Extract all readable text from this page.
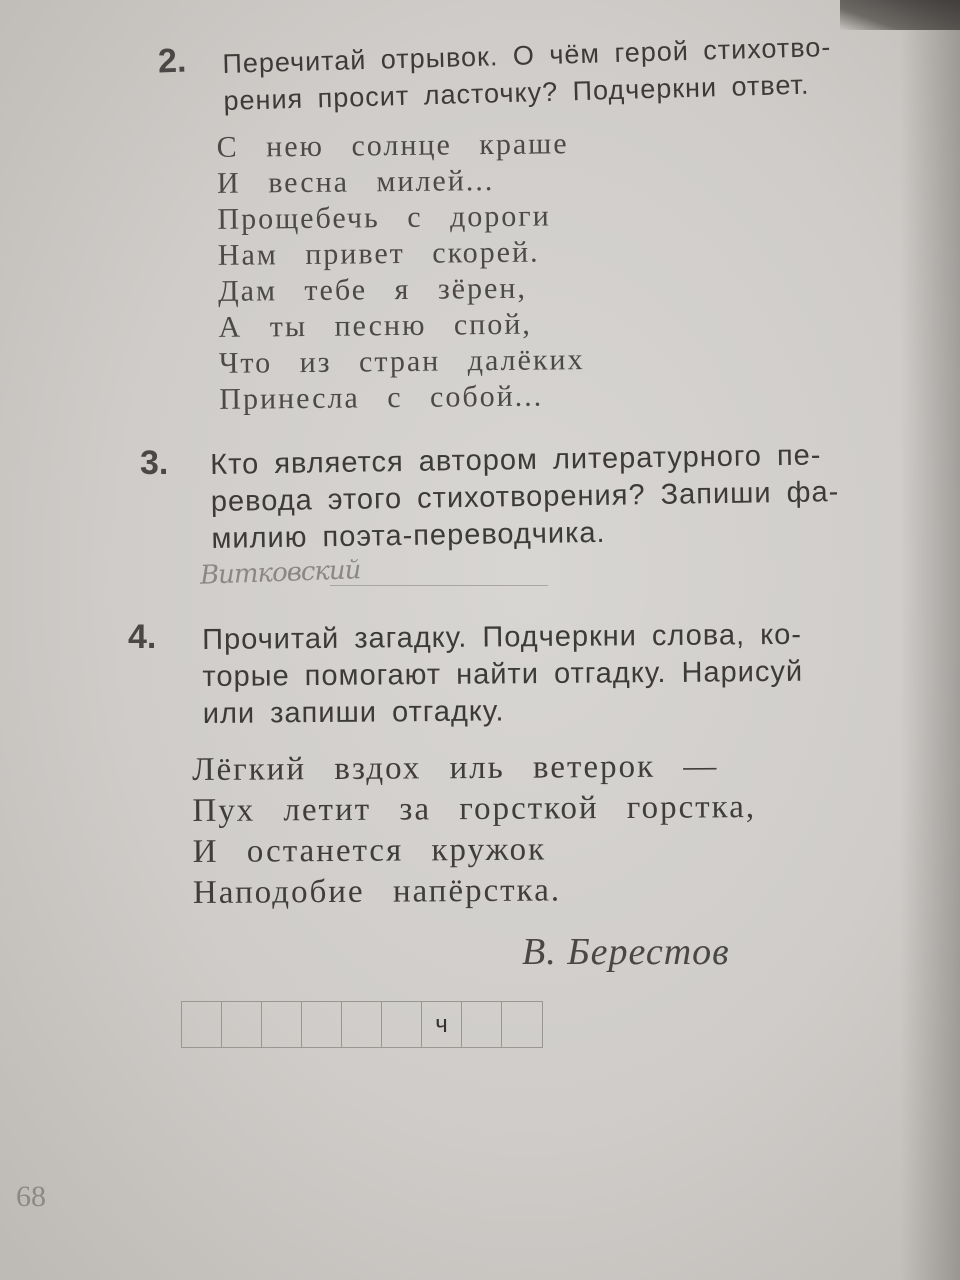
2. Перечитай отрывок. О чём герой стихотво-
рения просит ласточку? Подчеркни ответ.
С нею солнце краше
И весна милей...
Прощебечь с дороги
Нам привет скорей.
Дам тебе я зёрен,
А ты песню спой,
Что из стран далёких
Принесла с собой...
3. Кто является автором литературного пе-
ревода этого стихотворения? Запиши фа-
милию поэта-переводчика.
Витковский
4. Прочитай загадку. Подчеркни слова, ко-
торые помогают найти отгадку. Нарисуй
или запиши отгадку.
Лёгкий вздох иль ветерок —
Пух летит за горсткой горстка,
И останется кружок
Наподобие напёрстка.
В. Берестов
ч
68
